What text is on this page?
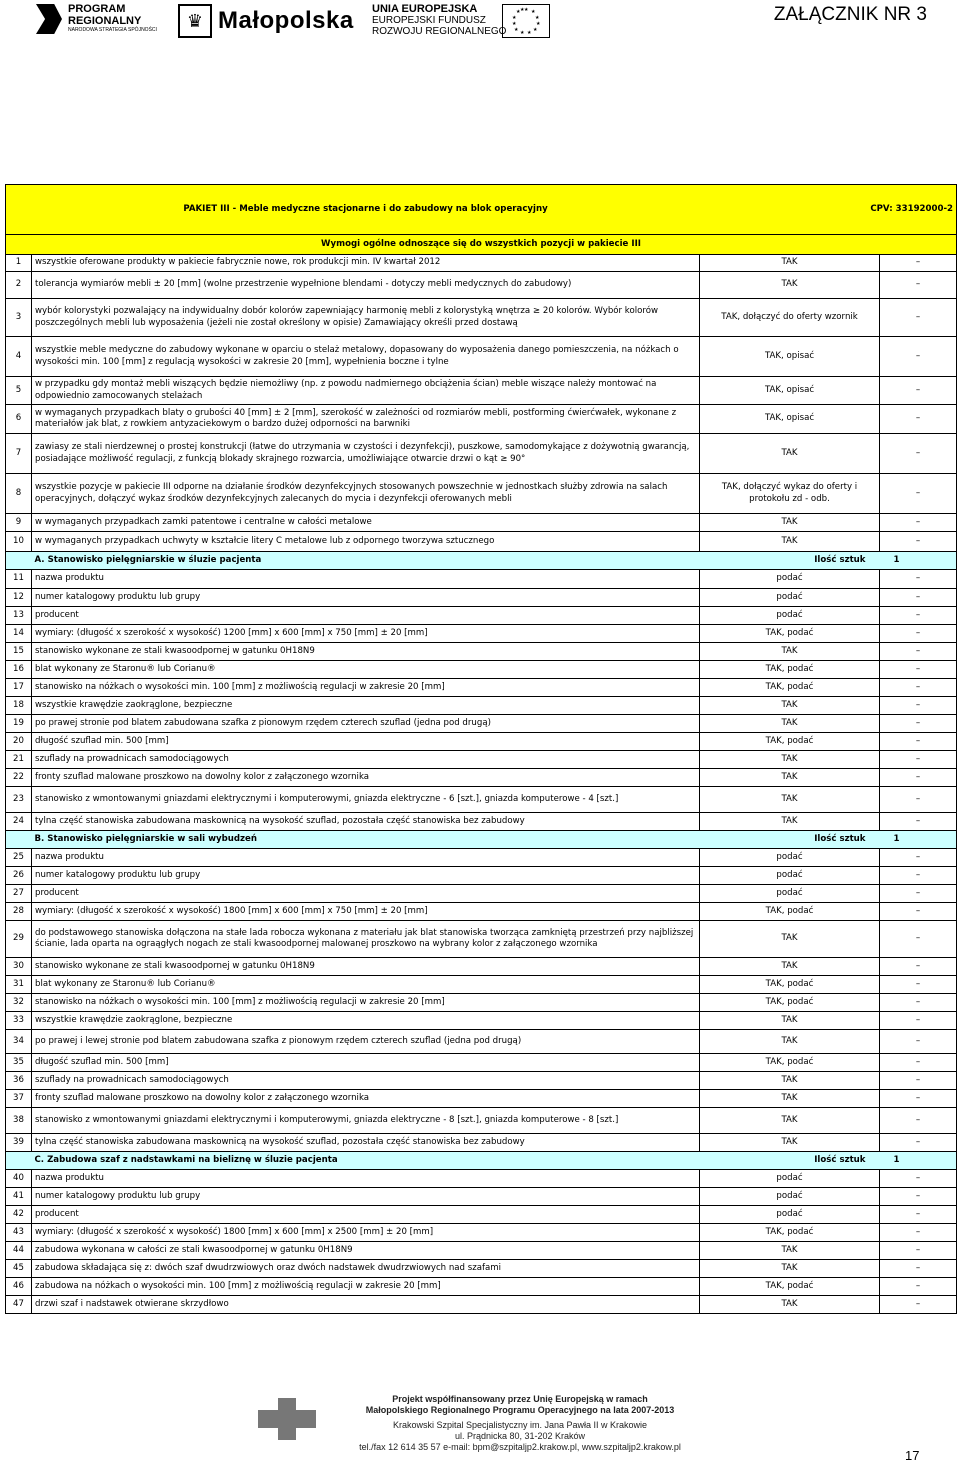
PROGRAM
REGIONALNY
NARODOWA STRATEGIA SPÓJNOŚCI	♛ Małopolska UNIA EUROPEJSKA
EUROPEJSKI FUNDUSZ
ROZWOJU REGIONALNEGO
★ ★
★
★
★
★
★
★
★
★
★ ★	ZAŁĄCZNIK NR 3
	PAKIET III - Meble medyczne stacjonarne i do zabudowy na blok operacyjny	CPV: 33192000-2	
Wymogi ogólne odnoszące się do wszystkich pozycji w pakiecie III			
1	wszystkie oferowane produkty w pakiecie fabrycznie nowe, rok produkcji min. IV kwartał 2012	TAK	–
2	tolerancja wymiarów mebli ± 20 [mm] (wolne przestrzenie wypełnione blendami - dotyczy mebli medycznych do zabudowy)	TAK	–
3	wybór kolorystyki pozwalający na indywidualny dobór kolorów zapewniający harmonię mebli z kolorystyką wnętrza ≥ 20 kolorów. Wybór kolorów poszczególnych mebli lub wyposażenia (jeżeli nie został określony w opisie) Zamawiający określi przed dostawą	TAK, dołączyć do oferty wzornik	–
4	wszystkie meble medyczne do zabudowy wykonane w oparciu o stelaż metalowy, dopasowany do wyposażenia danego pomieszczenia, na nóżkach o wysokości min. 100 [mm] z regulacją wysokości w zakresie 20 [mm], wypełnienia boczne i tylne	TAK, opisać	–
5	w przypadku gdy montaż mebli wiszących będzie niemożliwy (np. z powodu nadmiernego obciążenia ścian) meble wiszące należy montować na odpowiednio zamocowanych stelażach	TAK, opisać	–
6	w wymaganych przypadkach blaty o grubości 40 [mm] ± 2 [mm], szerokość w zależności od rozmiarów mebli, postforming ćwierćwałek, wykonane z materiałów jak blat, z rowkiem antyzaciekowym o bardzo dużej odporności na barwniki	TAK, opisać	–
7	zawiasy ze stali nierdzewnej o prostej konstrukcji (łatwe do utrzymania w czystości i dezynfekcji), puszkowe, samodomykające z dożywotnią gwarancją, posiadające możliwość regulacji, z funkcją blokady skrajnego rozwarcia, umożliwiające otwarcie drzwi o kąt ≥ 90°	TAK	–
8	wszystkie pozycje w pakiecie III odporne na działanie środków dezynfekcyjnych stosowanych powszechnie w jednostkach służby zdrowia na salach operacyjnych, dołączyć wykaz środków dezynfekcyjnych zalecanych do mycia i dezynfekcji oferowanych mebli	TAK, dołączyć wykaz do oferty i protokołu zd - odb.	–
9	w wymaganych przypadkach zamki patentowe i centralne w całości metalowe	TAK	–
10	w wymaganych przypadkach uchwyty w kształcie litery C metalowe lub z odpornego tworzywa sztucznego	TAK	–
	A. Stanowisko pielęgniarskie w śluzie pacjenta	Ilość sztuk	1
11	nazwa produktu	podać	–
12	numer katalogowy produktu lub grupy	podać	–
13	producent	podać	–
14	wymiary: (długość x szerokość x wysokość) 1200 [mm] x 600 [mm] x 750 [mm] ± 20 [mm]	TAK, podać	–
15	stanowisko wykonane ze stali kwasoodpornej w gatunku 0H18N9	TAK	–
16	blat wykonany ze Staronu® lub Corianu®	TAK, podać	–
17	stanowisko na nóżkach o wysokości min. 100 [mm] z możliwością regulacji w zakresie 20 [mm]	TAK, podać	–
18	wszystkie krawędzie zaokrąglone, bezpieczne	TAK	–
19	po prawej stronie pod blatem zabudowana szafka z pionowym rzędem czterech szuflad (jedna pod drugą)	TAK	–
20	długość szuflad min. 500 [mm]	TAK, podać	–
21	szuflady na prowadnicach samodociągowych	TAK	–
22	fronty szuflad malowane proszkowo na dowolny kolor z załączonego wzornika	TAK	–
23	stanowisko z wmontowanymi gniazdami elektrycznymi i komputerowymi, gniazda elektryczne - 6 [szt.], gniazda komputerowe - 4 [szt.]	TAK	–
24	tylna część stanowiska zabudowana maskownicą na wysokość szuflad, pozostała część stanowiska bez zabudowy	TAK	–
	B. Stanowisko pielęgniarskie w sali wybudzeń	Ilość sztuk	1
25	nazwa produktu	podać	–
26	numer katalogowy produktu lub grupy	podać	–
27	producent	podać	–
28	wymiary: (długość x szerokość x wysokość) 1800 [mm] x 600 [mm] x 750 [mm] ± 20 [mm]	TAK, podać	–
29	do podstawowego stanowiska dołączona na stałe lada robocza wykonana z materiału jak blat stanowiska tworząca zamkniętą przestrzeń przy najbliższej ścianie, lada oparta na ograągłych nogach ze stali kwasoodpornej malowanej proszkowo na wybrany kolor z załączonego wzornika	TAK	–
30	stanowisko wykonane ze stali kwasoodpornej w gatunku 0H18N9	TAK	–
31	blat wykonany ze Staronu® lub Corianu®	TAK, podać	–
32	stanowisko na nóżkach o wysokości min. 100 [mm] z możliwością regulacji w zakresie 20 [mm]	TAK, podać	–
33	wszystkie krawędzie zaokrąglone, bezpieczne	TAK	–
34	po prawej i lewej stronie pod blatem zabudowana szafka z pionowym rzędem czterech szuflad (jedna pod drugą)	TAK	–
35	długość szuflad min. 500 [mm]	TAK, podać	–
36	szuflady na prowadnicach samodociągowych	TAK	–
37	fronty szuflad malowane proszkowo na dowolny kolor z załączonego wzornika	TAK	–
38	stanowisko z wmontowanymi gniazdami elektrycznymi i komputerowymi, gniazda elektryczne - 8 [szt.], gniazda komputerowe - 8 [szt.]	TAK	–
39	tylna część stanowiska zabudowana maskownicą na wysokość szuflad, pozostała część stanowiska bez zabudowy	TAK	–
	C. Zabudowa szaf z nadstawkami na bieliznę w śluzie pacjenta	Ilość sztuk	1
40	nazwa produktu	podać	–
41	numer katalogowy produktu lub grupy	podać	–
42	producent	podać	–
43	wymiary: (długość x szerokość x wysokość) 1800 [mm] x 600 [mm] x 2500 [mm] ± 20 [mm]	TAK, podać	–
44	zabudowa wykonana w całości ze stali kwasoodpornej w gatunku 0H18N9	TAK	–
45	zabudowa składająca się z: dwóch szaf dwudrzwiowych oraz dwóch nadstawek dwudrzwiowych nad szafami	TAK	–
46	zabudowa na nóżkach o wysokości min. 100 [mm] z możliwością regulacji w zakresie 20 [mm]	TAK, podać	–
47	drzwi szaf i nadstawek otwierane skrzydłowo	TAK	–
Projekt współfinansowany przez Unię Europejską w ramach
Małopolskiego Regionalnego Programu Operacyjnego na lata 2007-2013
Krakowski Szpital Specjalistyczny im. Jana Pawła II w Krakowie
ul. Prądnicka 80, 31-202 Kraków
tel./fax 12 614 35 57 e-mail: bpm@szpitaljp2.krakow.pl, www.szpitaljp2.krakow.pl
17
